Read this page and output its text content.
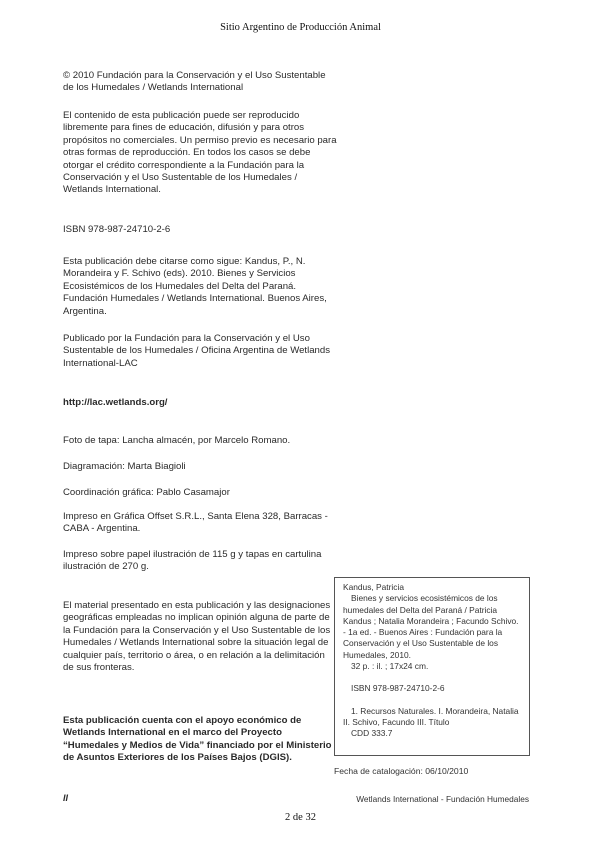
Sitio Argentino de Producción Animal

© 2010 Fundación para la Conservación y el Uso Sustentable de los Humedales / Wetlands International

El contenido de esta publicación puede ser reproducido libremente para fines de educación, difusión y para otros propósitos no comerciales. Un permiso previo es necesario para otras formas de reproducción. En todos los casos se debe otorgar el crédito correspondiente a la Fundación para la Conservación y el Uso Sustentable de los Humedales / Wetlands International.

ISBN 978-987-24710-2-6

Esta publicación debe citarse como sigue: Kandus, P., N. Morandeira y F. Schivo (eds). 2010. Bienes y Servicios Ecosistémicos de los Humedales del Delta del Paraná. Fundación Humedales / Wetlands International. Buenos Aires, Argentina.

Publicado por la Fundación para la Conservación y el Uso Sustentable de los Humedales / Oficina Argentina de Wetlands International-LAC

http://lac.wetlands.org/
Foto de tapa: Lancha almacén, por Marcelo Romano.
Diagramación: Marta Biagioli
Coordinación gráfica: Pablo Casamajor
Impreso en Gráfica Offset S.R.L., Santa Elena 328, Barracas - CABA - Argentina.
Impreso sobre papel ilustración de 115 g y tapas en cartulina ilustración de 270 g.
El material presentado en esta publicación y las designaciones geográficas empleadas no implican opinión alguna de parte de la Fundación para la Conservación y el Uso Sustentable de los Humedales / Wetlands International sobre la situación legal de cualquier país, territorio o área, o en relación a la delimitación de sus fronteras.
Esta publicación cuenta con el apoyo económico de Wetlands International en el marco del Proyecto “Humedales y Medios de Vida” financiado por el Ministerio de Asuntos Exteriores de los Países Bajos (DGIS).

Kandus, Patricia

Bienes y servicios ecosistémicos de los humedales del Delta del Paraná / Patricia Kandus ; Natalia Morandeira ; Facundo Schivo. - 1a ed. - Buenos Aires : Fundación para la Conservación y el Uso Sustentable de los Humedales, 2010.

32 p. : il. ; 17x24 cm.

ISBN 978-987-24710-2-6

1. Recursos Naturales. I. Morandeira, Natalia II. Schivo, Facundo III. Título

CDD 333.7

Fecha de catalogación: 06/10/2010
II	Wetlands International - Fundación Humedales
2 de 32
